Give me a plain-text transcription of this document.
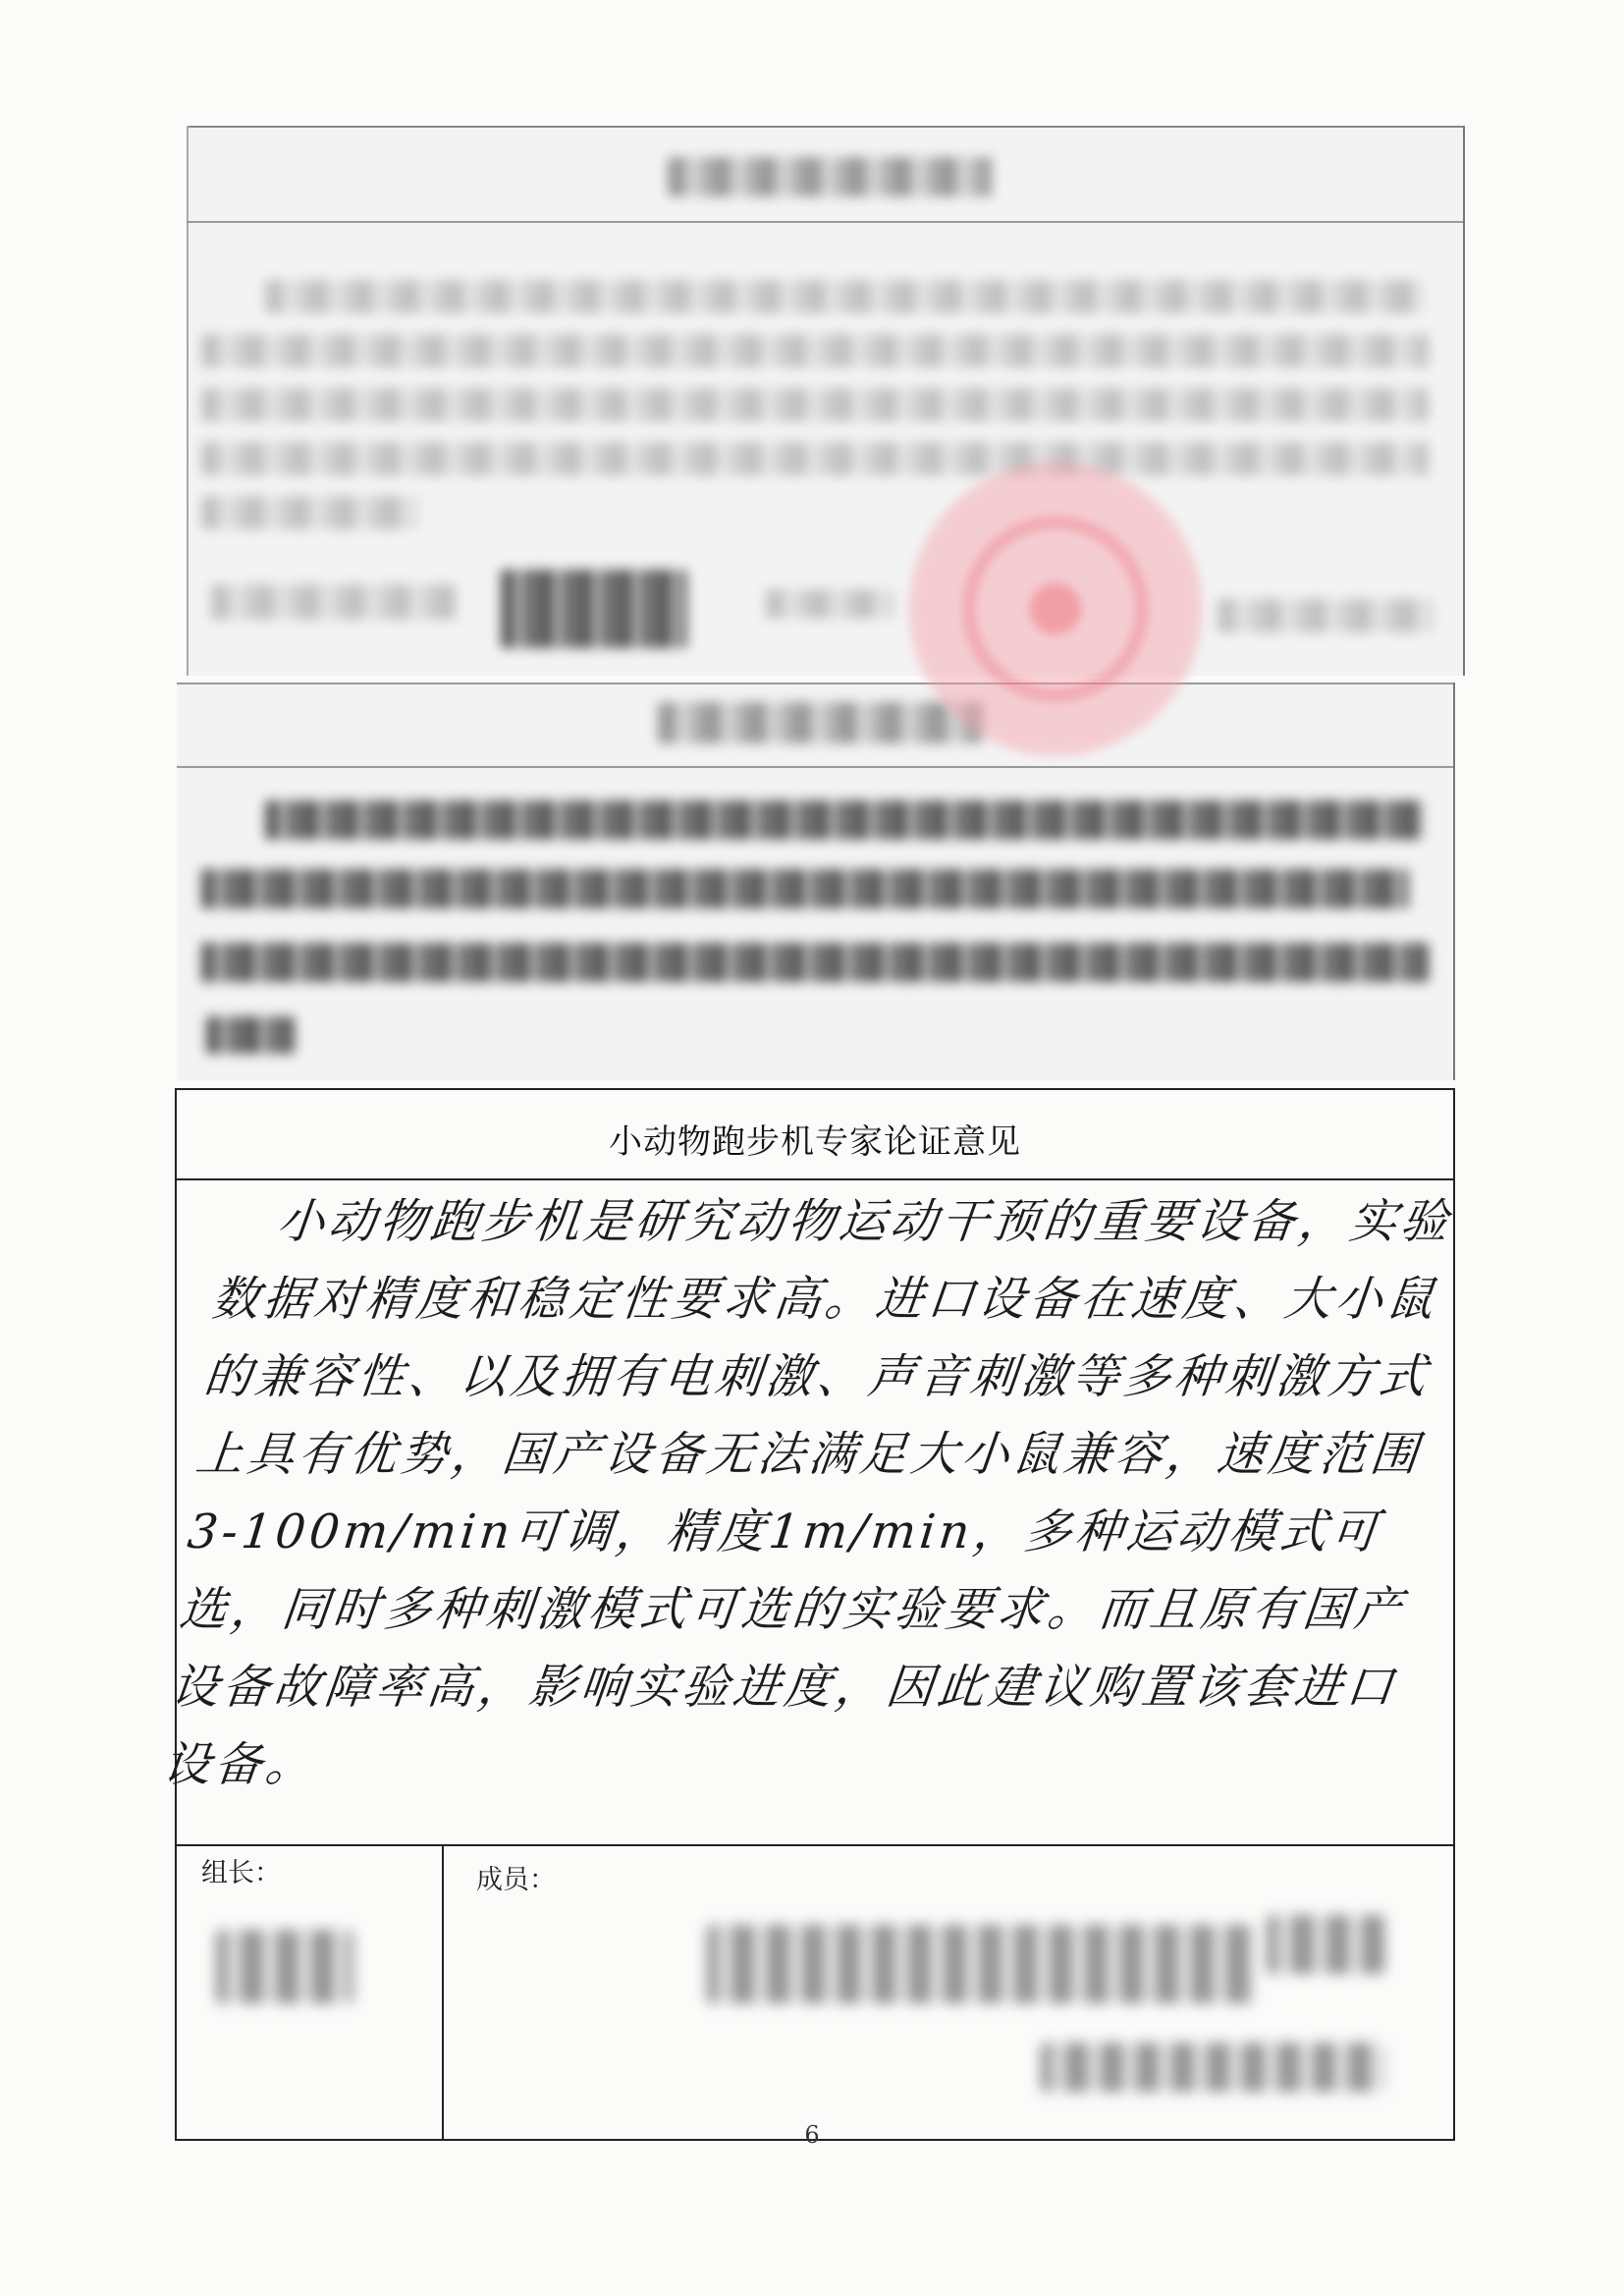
小动物跑步机专家论证意见
小动物跑步机是研究动物运动干预的重要设备，实验数据对精度和稳定性要求高。进口设备在速度、大小鼠的兼容性、以及拥有电刺激、声音刺激等多种刺激方式上具有优势，国产设备无法满足大小鼠兼容，速度范围3-100m/min可调，精度1m/min，多种运动模式可选，同时多种刺激模式可选的实验要求。而且原有国产设备故障率高，影响实验进度，因此建议购置该套进口设备。
组长：	成员：
6
